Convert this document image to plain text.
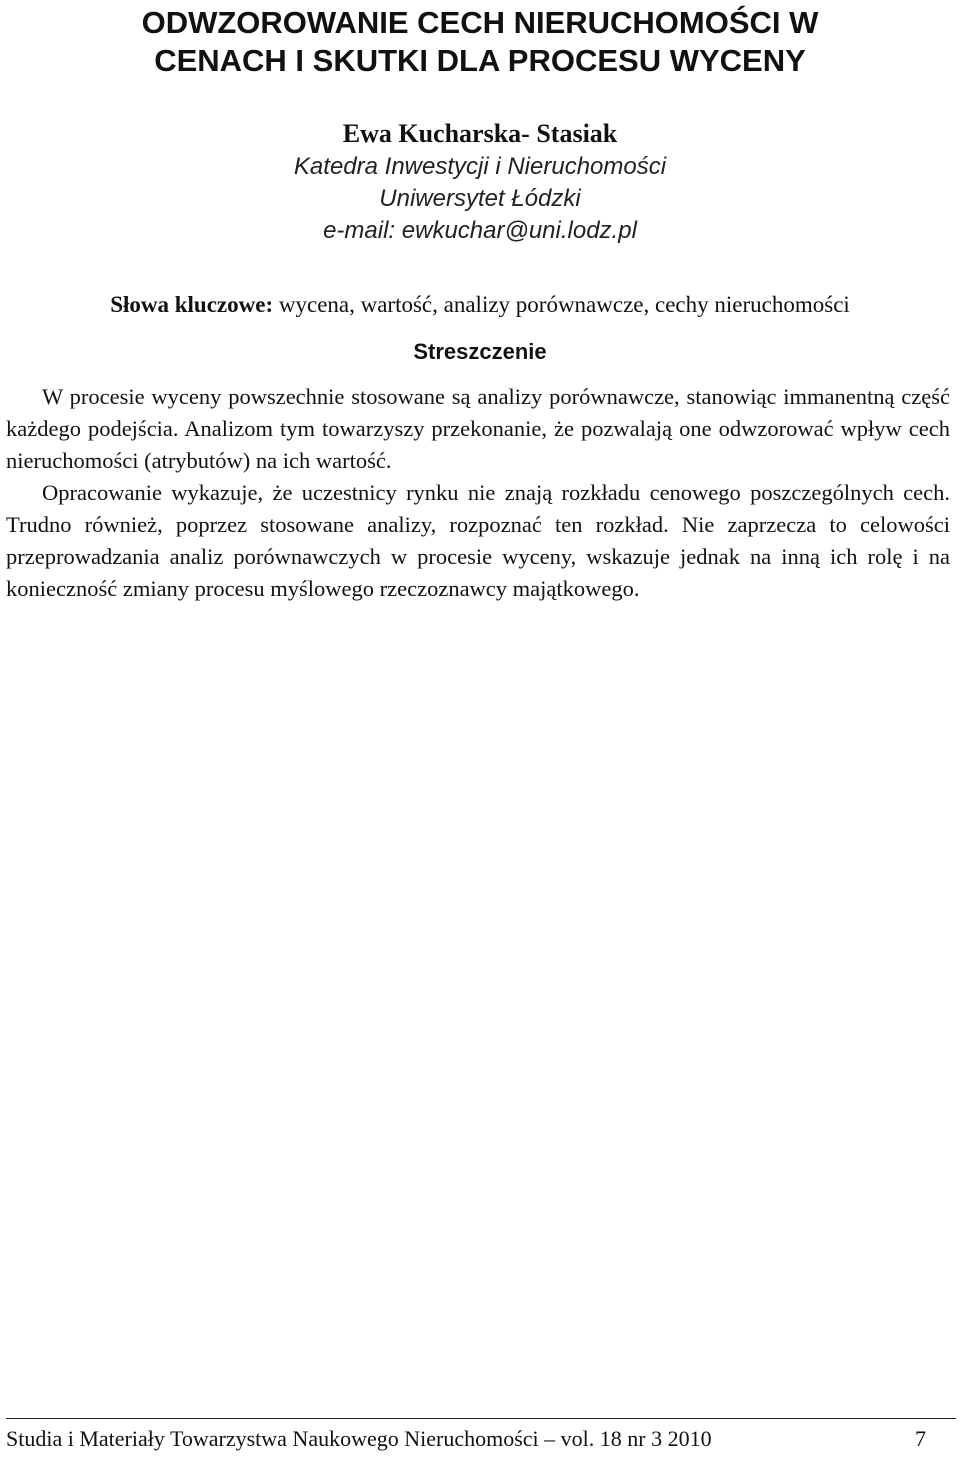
ODWZOROWANIE CECH NIERUCHOMOŚCI W
CENACH I SKUTKI DLA PROCESU WYCENY
Ewa Kucharska- Stasiak
Katedra Inwestycji i Nieruchomości
Uniwersytet Łódzki
e-mail: ewkuchar@uni.lodz.pl
Słowa kluczowe: wycena, wartość, analizy porównawcze, cechy nieruchomości
Streszczenie

W procesie wyceny powszechnie stosowane są analizy porównawcze, stanowiąc immanentną część każdego podejścia. Analizom tym towarzyszy przekonanie, że pozwalają one odwzorować wpływ cech nieruchomości (atrybutów) na ich wartość.

Opracowanie wykazuje, że uczestnicy rynku nie znają rozkładu cenowego poszczególnych cech. Trudno również, poprzez stosowane analizy, rozpoznać ten rozkład. Nie zaprzecza to celowości przeprowadzania analiz porównawczych w procesie wyceny, wskazuje jednak na inną ich rolę i na konieczność zmiany procesu myślowego rzeczoznawcy majątkowego.

Studia i Materiały Towarzystwa Naukowego Nieruchomości – vol. 18 nr 3 2010	7
